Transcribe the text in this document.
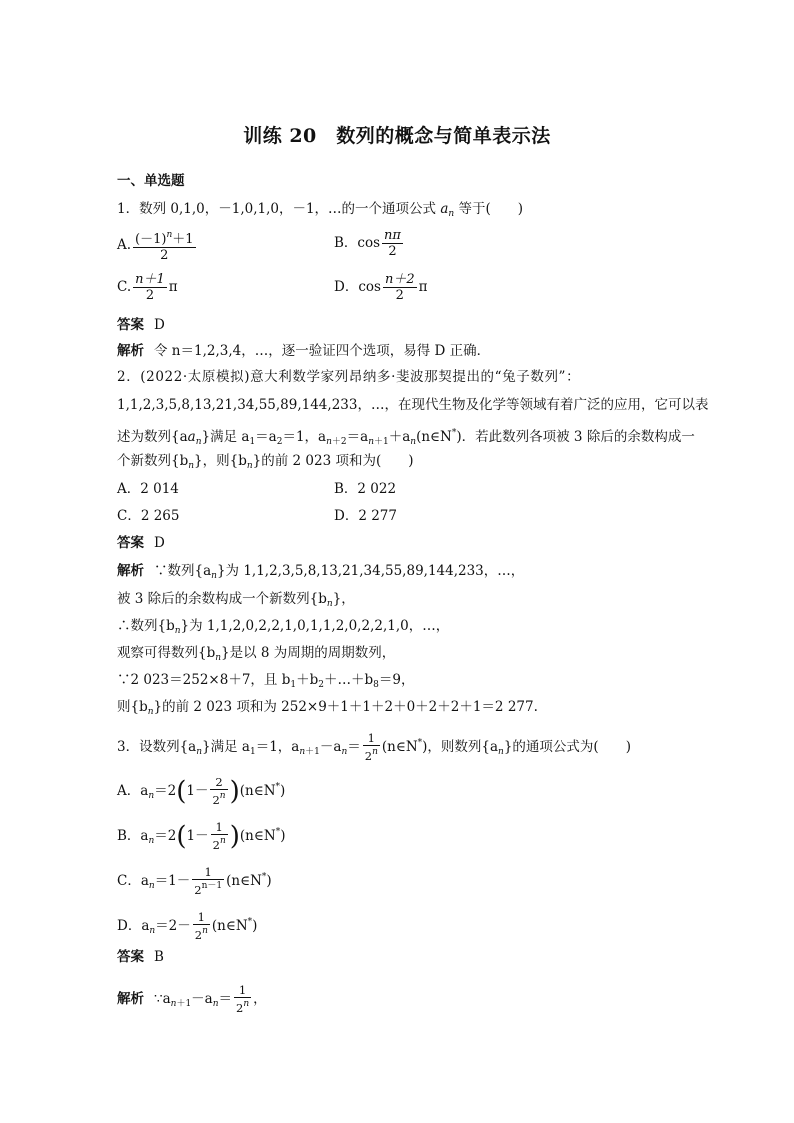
训练 20　数列的概念与简单表示法
一、单选题
1．数列 0,1,0，－1,0,1,0，－1，…的一个通项公式 $a_n$ 等于(　　)
A. $\frac{(-1)^n+1}{2}$	B．$\cos \frac{n\pi}{2}$
C. $\frac{n+1}{2}$ π	D．$\cos \frac{n+2}{2}$ π
答案 D
解析 令 n＝1,2,3,4，…，逐一验证四个选项，易得 D 正确．
2．(2022·太原模拟)意大利数学家列昂纳多·斐波那契提出的“兔子数列”：
1,1,2,3,5,8,13,21,34,55,89,144,233，…，在现代生物及化学等领域有着广泛的应用，它可以表
述为数列$\{aa_n\}$满足 $a_1=a_2=1$，$a_{n+2}=a_{n+1}+a_n(n\in N^*)$．若此数列各项被 3 除后的余数构成一
个新数列$\{b_n\}$，则$\{b_n\}$的前 2 023 项和为(　　)
A．2 014	B．2 022
C．2 265	D．2 277
答案 D
解析 ∵数列$\{a_n\}$为 1,1,2,3,5,8,13,21,34,55,89,144,233，…，
被 3 除后的余数构成一个新数列$\{b_n\}$，
∴数列$\{b_n\}$为 1,1,2,0,2,2,1,0,1,1,2,0,2,2,1,0，…，
观察可得数列$\{b_n\}$是以 8 为周期的周期数列，
∵2 023＝252×8＋7，且 $b_1+b_2+\dots+b_8=9$，
则$\{b_n\}$的前 2 023 项和为 252×9＋1＋1＋2＋0＋2＋2＋1＝2 277.
3．设数列$\{a_n\}$满足 $a_1=1$，$a_{n+1}-a_n= \frac{1}{2^n}$ (n∈N*)，则数列$\{a_n\}$的通项公式为(　　)
A．$a_n=2(1- \frac{2}{2^n}$ )(n∈N*)
B．$a_n=2(1- \frac{1}{2^n}$ )(n∈N*)
C．$a_n=1- \frac{1}{2^{n-1}}$ (n∈N*)
D．$a_n=2- \frac{1}{2^n}$ (n∈N*)
答案 B
解析 $\because a_{n+1}-a_n= \frac{1}{2^n}$ ，
